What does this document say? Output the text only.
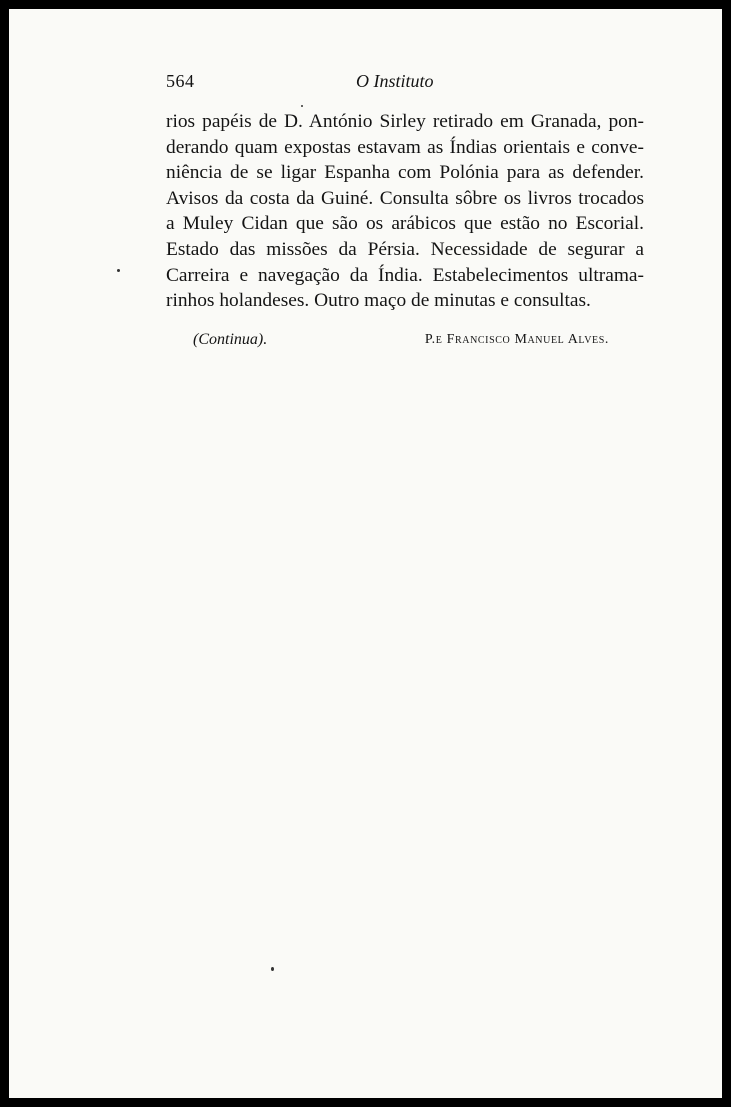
564	O Instituto
rios papéis de D. António Sirley retirado em Granada, pon-
derando quam expostas estavam as Índias orientais e conve-
niência de se ligar Espanha com Polónia para as defender.
Avisos da costa da Guiné. Consulta sôbre os livros trocados
a Muley Cidan que são os arábicos que estão no Escorial.
Estado das missões da Pérsia. Necessidade de segurar a
Carreira e navegação da Índia. Estabelecimentos ultrama-
rinhos holandeses. Outro maço de minutas e consultas.
(Continua).	P.e Francisco Manuel Alves.
